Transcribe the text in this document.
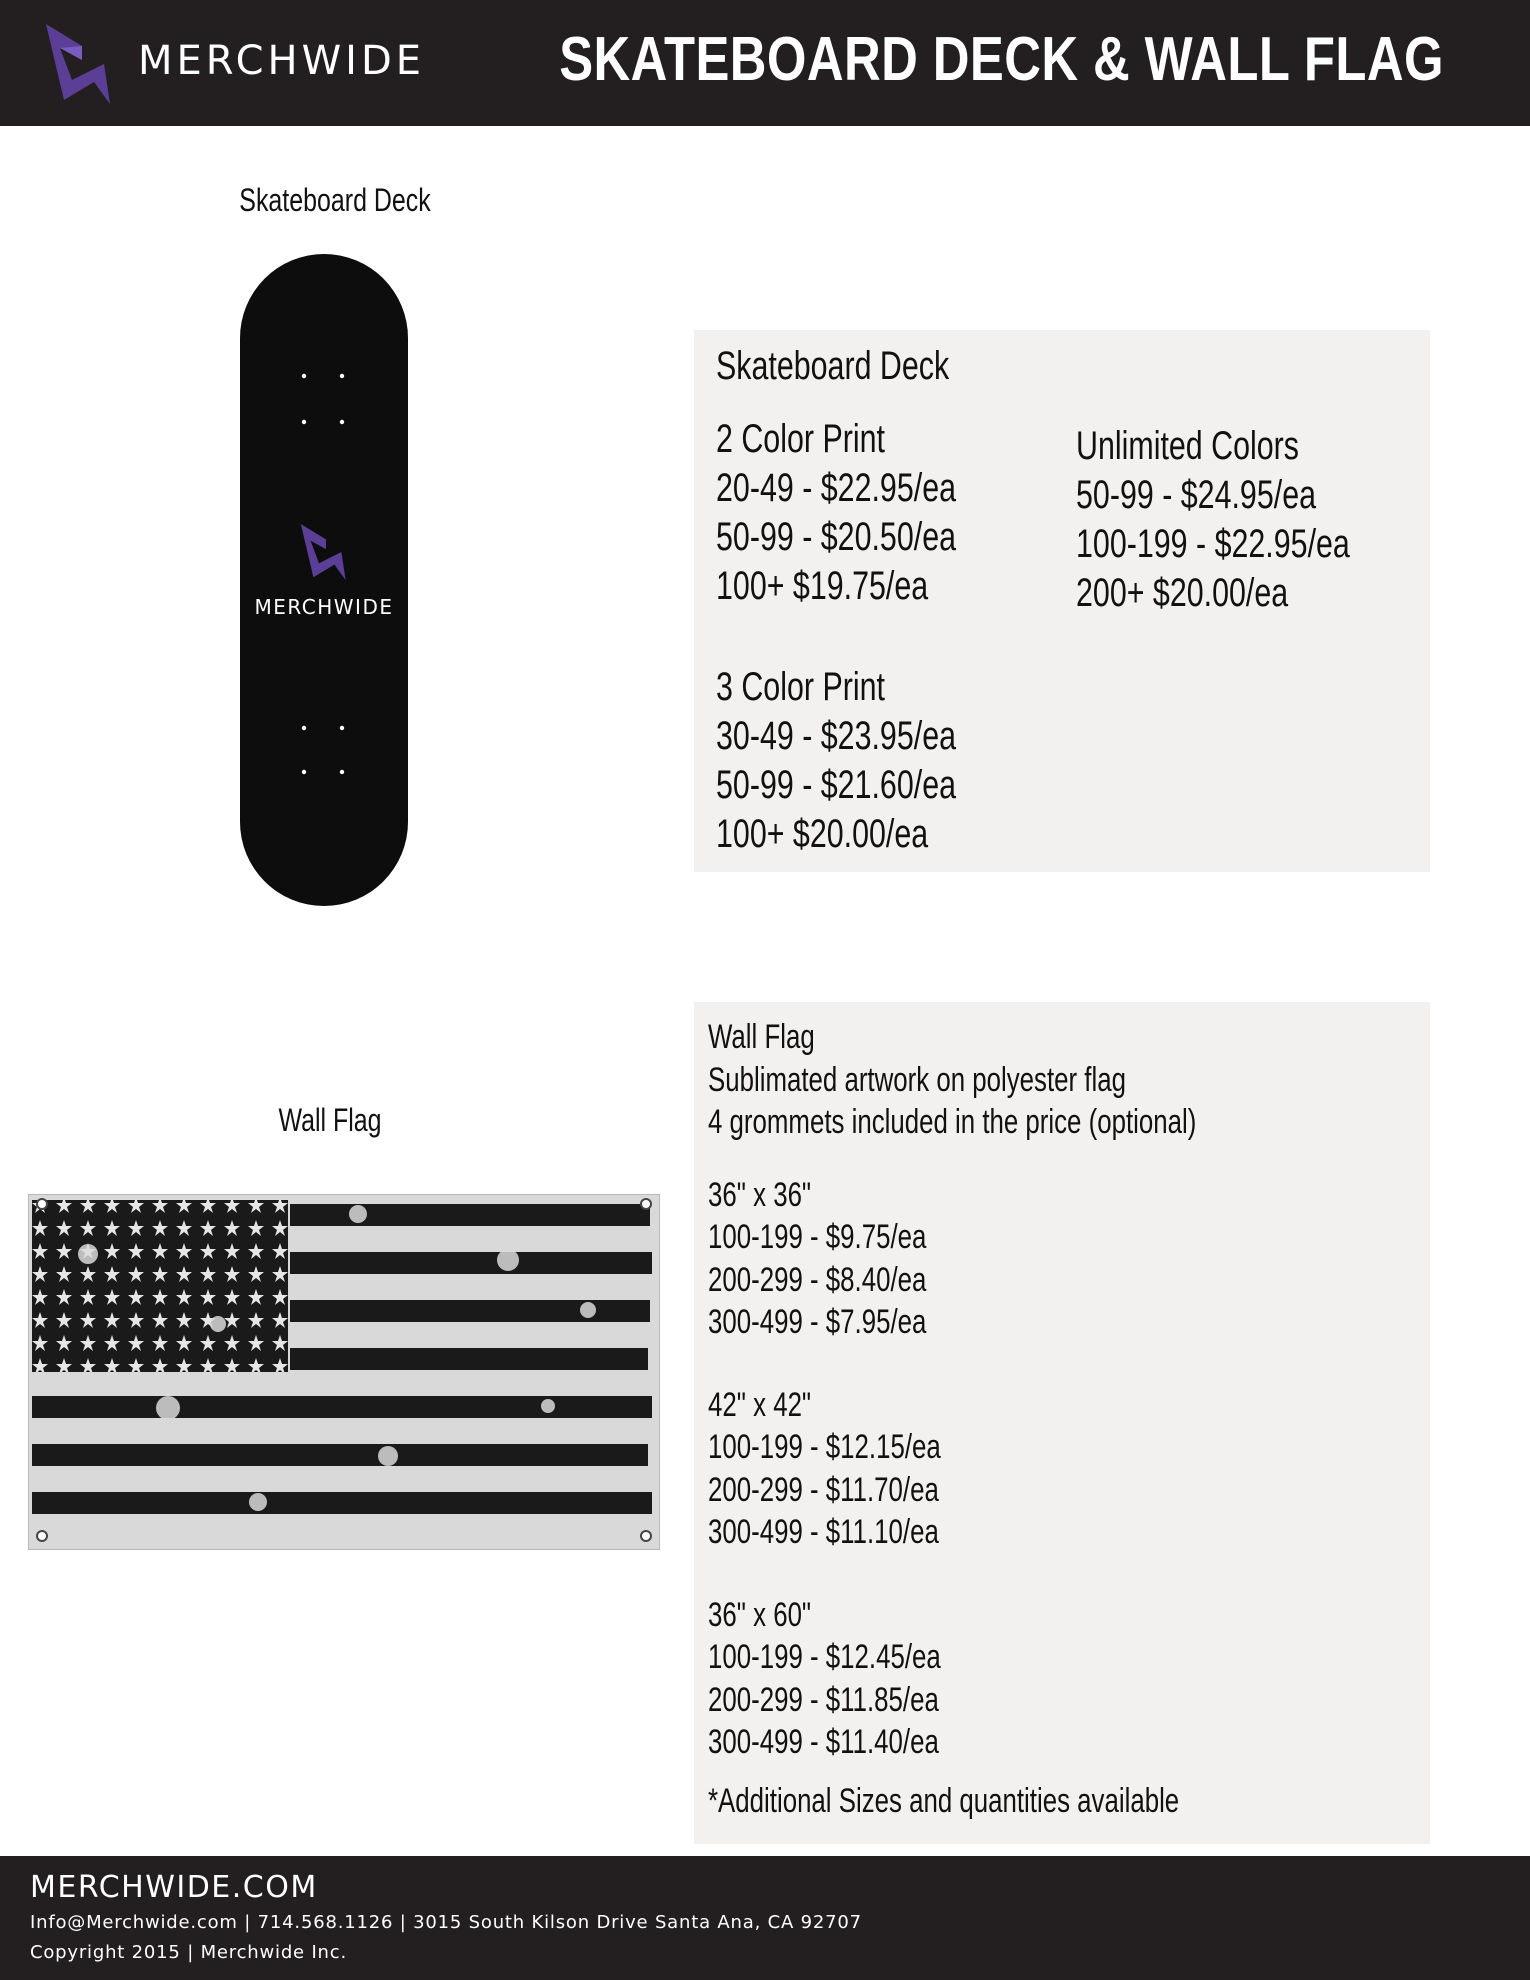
MERCHWIDE SKATEBOARD DECK & WALL FLAG
Skateboard Deck
MERCHWIDE
Skateboard Deck
2 Color Print
20-49 - $22.95/ea
50-99 - $20.50/ea
100+ $19.75/ea
3 Color Print
30-49 - $23.95/ea
50-99 - $21.60/ea
100+ $20.00/ea
Unlimited Colors
50-99 - $24.95/ea
100-199 - $22.95/ea
200+ $20.00/ea
Wall Flag
Wall Flag
Sublimated artwork on polyester flag
4 grommets included in the price (optional)
36" x 36"
100-199 - $9.75/ea
200-299 - $8.40/ea
300-499 - $7.95/ea
42" x 42"
100-199 - $12.15/ea
200-299 - $11.70/ea
300-499 - $11.10/ea
36" x 60"
100-199 - $12.45/ea
200-299 - $11.85/ea
300-499 - $11.40/ea
*Additional Sizes and quantities available
MERCHWIDE.COM
Info@Merchwide.com | 714.568.1126 | 3015 South Kilson Drive Santa Ana, CA 92707
Copyright 2015 | Merchwide Inc.
